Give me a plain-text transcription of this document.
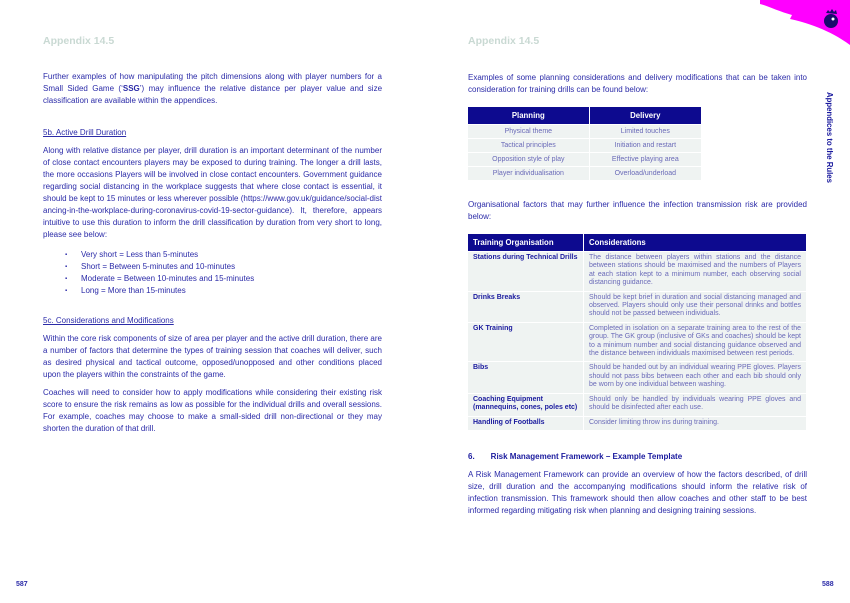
Appendix 14.5

Further examples of how manipulating the pitch dimensions along with player numbers for a Small Sided Game (‘SSG’) may influence the relative distance per player value and size classification are available within the appendices.

5b. Active Drill Duration

Along with relative distance per player, drill duration is an important determinant of the number of close contact encounters players may be exposed to during training. The longer a drill lasts, the more occasions Players will be involved in close contact encounters. Government guidance regarding social distancing in the workplace suggests that where close contact is essential, it should be kept to 15 minutes or less wherever possible (https://www.gov.uk/guidance/social-distancing-in-the-workplace-during-coronavirus-covid-19-sector-guidance). It, therefore, appears intuitive to use this duration to inform the drill classification by duration from very short to long, please see below:

▪ Very short = Less than 5-minutes
▪ Short = Between 5-minutes and 10-minutes
▪ Moderate = Between 10-minutes and 15-minutes
▪ Long = More than 15-minutes
5c. Considerations and Modifications

Within the core risk components of size of area per player and the active drill duration, there are a number of factors that determine the types of training session that coaches will deliver, such as desired physical and tactical outcome, opposed/unopposed and other conditions placed upon the players within the constraints of the game.

Coaches will need to consider how to apply modifications while considering their existing risk score to ensure the risk remains as low as possible for the individual drills and overall sessions. For example, coaches may choose to make a small-sided drill non-directional or they may shorten the duration of that drill.

587
Appendix 14.5

Examples of some planning considerations and delivery modifications that can be taken into consideration for training drills can be found below:

Planning	Delivery
Physical theme	Limited touches
Tactical principles	Initiation and restart
Opposition style of play	Effective playing area
Player individualisation	Overload/underload

Organisational factors that may further influence the infection transmission risk are provided below:

Training Organisation	Considerations
Stations during Technical Drills	The distance between players within stations and the distance between stations should be maximised and the numbers of Players at each station kept to a minimum number, each observing social distancing guidance.
Drinks Breaks	Should be kept brief in duration and social distancing managed and observed. Players should only use their personal drinks and bottles should not be passed between individuals.
GK Training	Completed in isolation on a separate training area to the rest of the group. The GK group (inclusive of GKs and coaches) should be kept to a minimum number and social distancing guidance observed and the distance between individuals maximised between rest periods.
Bibs	Should be handed out by an individual wearing PPE gloves. Players should not pass bibs between each other and each bib should only be worn by one individual between washing.
Coaching Equipment (mannequins, cones, poles etc)	Should only be handled by individuals wearing PPE gloves and should be disinfected after each use.
Handling of Footballs	Consider limiting throw ins during training.
6. Risk Management Framework – Example Template

A Risk Management Framework can provide an overview of how the factors described, of drill size, drill duration and the accompanying modifications should inform the relative risk of infection transmission. This framework should then allow coaches and other staff to be best informed regarding mitigating risk when planning and designing training sessions.

Appendices to the Rules
588
